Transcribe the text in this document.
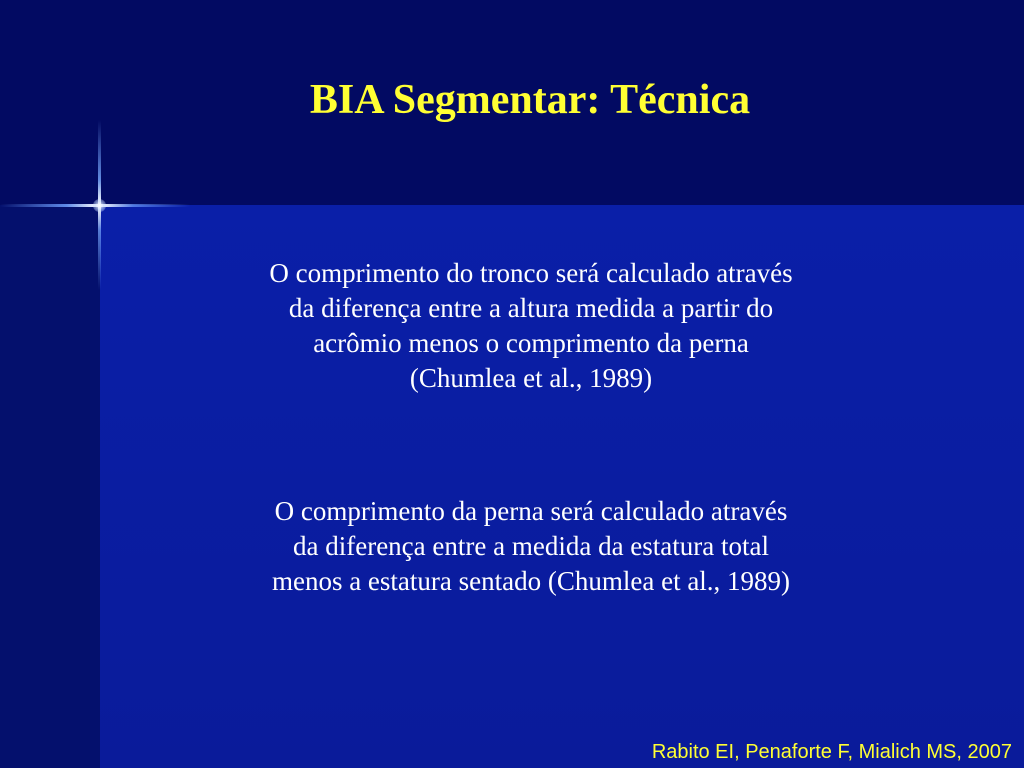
BIA Segmentar: Técnica

O comprimento do tronco será calculado através
da diferença entre a altura medida a partir do
acrômio menos o comprimento da perna
(Chumlea et al., 1989)

O comprimento da perna será calculado através
da diferença entre a medida da estatura total
menos a estatura sentado (Chumlea et al., 1989)

Rabito EI, Penaforte F, Mialich MS, 2007
